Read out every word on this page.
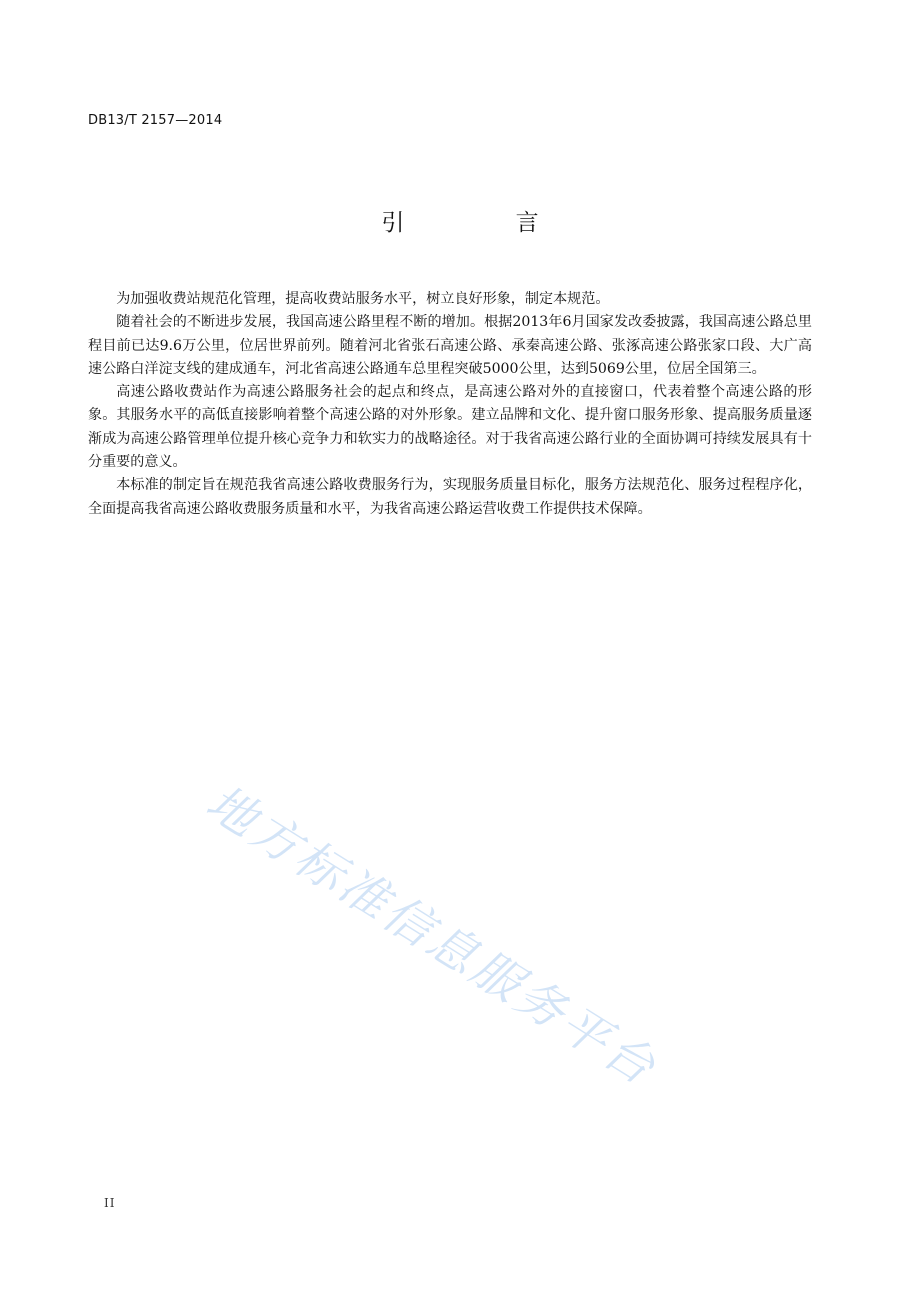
DB13/T 2157—2014
引 言

为加强收费站规范化管理，提高收费站服务水平，树立良好形象，制定本规范。

随着社会的不断进步发展，我国高速公路里程不断的增加。根据2013年6月国家发改委披露，我国高速公路总里程目前已达9.6万公里，位居世界前列。随着河北省张石高速公路、承秦高速公路、张涿高速公路张家口段、大广高速公路白洋淀支线的建成通车，河北省高速公路通车总里程突破5000公里，达到5069公里，位居全国第三。

高速公路收费站作为高速公路服务社会的起点和终点，是高速公路对外的直接窗口，代表着整个高速公路的形象。其服务水平的高低直接影响着整个高速公路的对外形象。建立品牌和文化、提升窗口服务形象、提高服务质量逐渐成为高速公路管理单位提升核心竞争力和软实力的战略途径。对于我省高速公路行业的全面协调可持续发展具有十分重要的意义。

本标准的制定旨在规范我省高速公路收费服务行为，实现服务质量目标化，服务方法规范化、服务过程程序化，全面提高我省高速公路收费服务质量和水平，为我省高速公路运营收费工作提供技术保障。

地方标准信息服务平台
II
